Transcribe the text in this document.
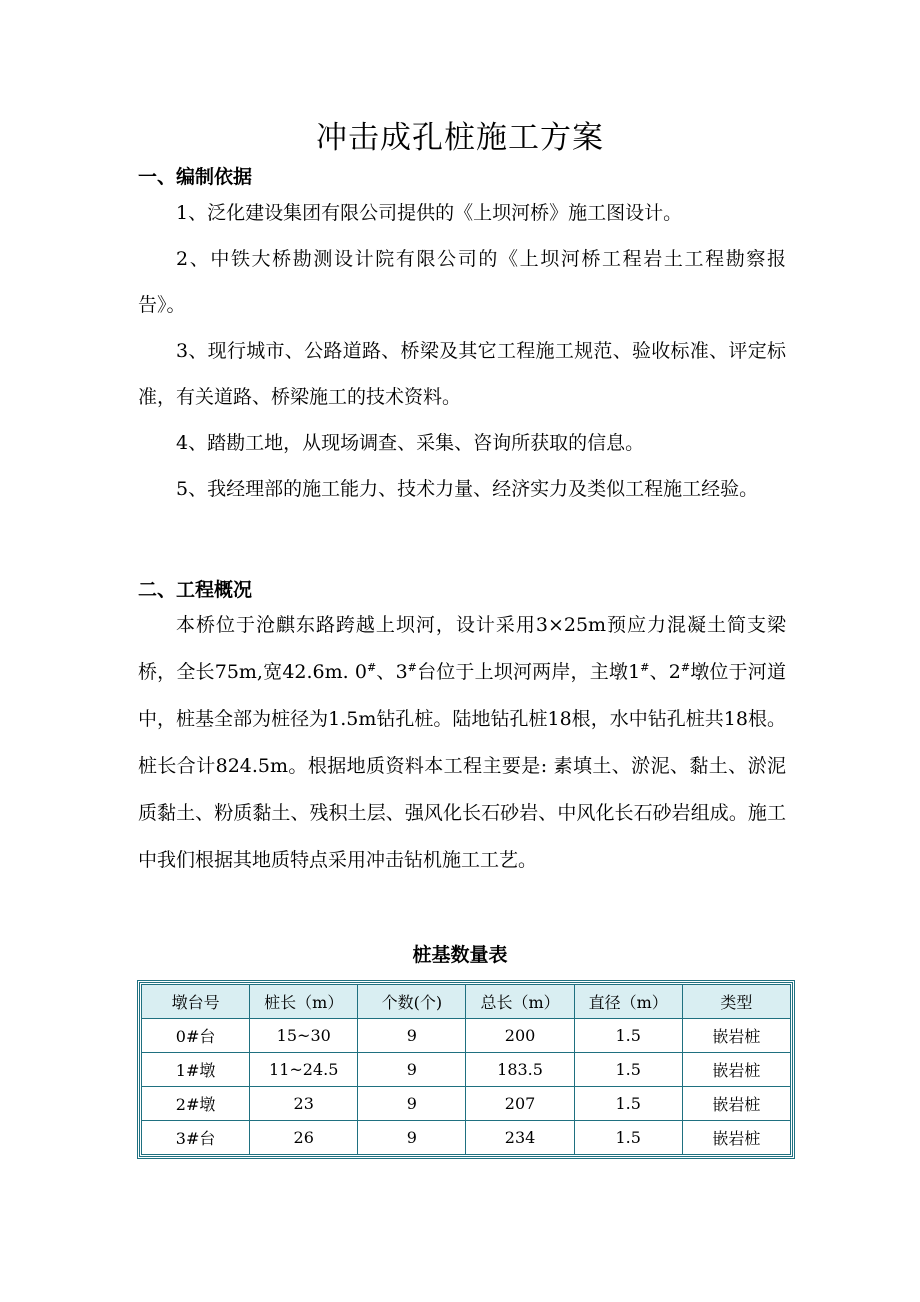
冲击成孔桩施工方案
一、编制依据

1、泛化建设集团有限公司提供的《上坝河桥》施工图设计。

2、中铁大桥勘测设计院有限公司的《上坝河桥工程岩土工程勘察报告》。

3、现行城市、公路道路、桥梁及其它工程施工规范、验收标准、评定标准，有关道路、桥梁施工的技术资料。

4、踏勘工地，从现场调查、采集、咨询所获取的信息。

5、我经理部的施工能力、技术力量、经济实力及类似工程施工经验。

二、工程概况

本桥位于沧麒东路跨越上坝河，设计采用3×25m预应力混凝土简支梁桥，全长75m,宽42.6m. 0#、3#台位于上坝河两岸，主墩1#、2#墩位于河道中，桩基全部为桩径为1.5m钻孔桩。陆地钻孔桩18根，水中钻孔桩共18根。桩长合计824.5m。根据地质资料本工程主要是: 素填土、淤泥、黏土、淤泥质黏土、粉质黏土、残积土层、强风化长石砂岩、中风化长石砂岩组成。施工中我们根据其地质特点采用冲击钻机施工工艺。

桩基数量表
墩台号	桩长（m）	个数(个)	总长（m）	直径（m）	类型
0#台	15~30	9	200	1.5	嵌岩桩
1#墩	11~24.5	9	183.5	1.5	嵌岩桩
2#墩	23	9	207	1.5	嵌岩桩
3#台	26	9	234	1.5	嵌岩桩
